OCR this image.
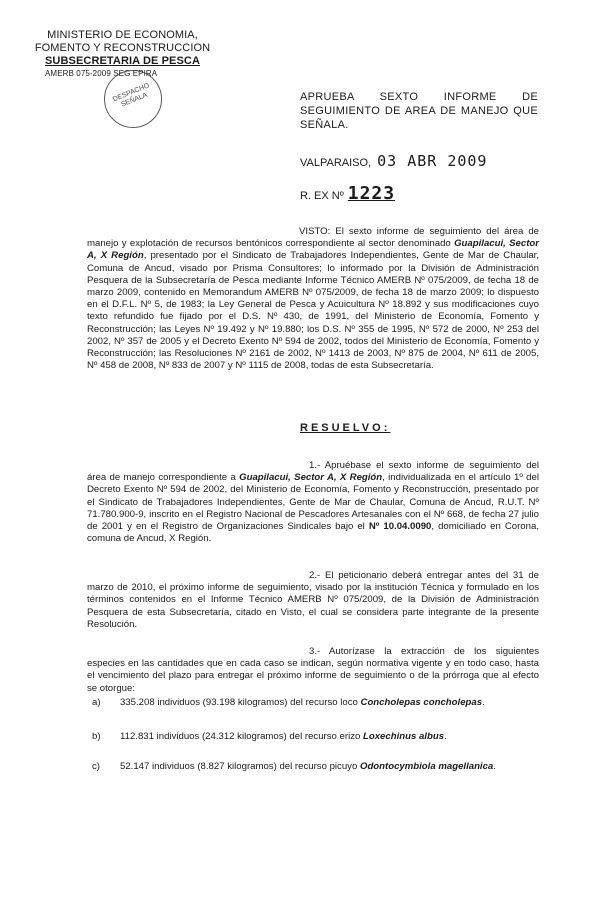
MINISTERIO DE ECONOMIA,
FOMENTO Y RECONSTRUCCION
SUBSECRETARIA DE PESCA
AMERB 075-2009 SEG EPIRA
DESPACHO SEÑALA	APRUEBA SEXTO INFORME DE SEGUIMIENTO DE AREA DE MANEJO QUE SEÑALA.
VALPARAISO, 03 ABR 2009
R. EX Nº 1223
VISTO: El sexto informe de seguimiento del área de manejo y explotación de recursos bentónicos correspondiente al sector denominado Guapilacui, Sector A, X Región, presentado por el Sindicato de Trabajadores Independientes, Gente de Mar de Chaular, Comuna de Ancud, visado por Prisma Consultores; lo informado por la División de Administración Pesquera de la Subsecretaría de Pesca mediante Informe Técnico AMERB Nº 075/2009, de fecha 18 de marzo 2009, contenido en Memorandum AMERB Nº 075/2009, de fecha 18 de marzo 2009; lo dispuesto en el D.F.L. Nº 5, de 1983; la Ley General de Pesca y Acuicultura Nº 18.892 y sus modificaciones cuyo texto refundido fue fijado por el D.S. Nº 430, de 1991, del Ministerio de Economía, Fomento y Reconstrucción; las Leyes Nº 19.492 y Nº 19.880; los D.S. Nº 355 de 1995, Nº 572 de 2000, Nº 253 del 2002, Nº 357 de 2005 y el Decreto Exento Nº 594 de 2002, todos del Ministerio de Economía, Fomento y Reconstrucción; las Resoluciones Nº 2161 de 2002, Nº 1413 de 2003, Nº 875 de 2004, Nº 611 de 2005, Nº 458 de 2008, Nº 833 de 2007 y Nº 1115 de 2008, todas de esta Subsecretaría.
RESUELVO:
1.- Apruébase el sexto informe de seguimiento del área de manejo correspondiente a Guapilacui, Sector A, X Región, individualizada en el artículo 1º del Decreto Exento Nº 594 de 2002, del Ministerio de Economía, Fomento y Reconstrucción, presentado por el Sindicato de Trabajadores Independientes, Gente de Mar de Chaular, Comuna de Ancud, R.U.T. Nº 71.780.900-9, inscrito en el Registro Nacional de Pescadores Artesanales con el Nº 668, de fecha 27 julio de 2001 y en el Registro de Organizaciones Sindicales bajo el Nº 10.04.0090, domiciliado en Corona, comuna de Ancud, X Región.
2.- El peticionario deberá entregar antes del 31 de marzo de 2010, el próximo informe de seguimiento, visado por la institución Técnica y formulado en los términos contenidos en el Informe Técnico AMERB Nº 075/2009, de la División de Administración Pesquera de esta Subsecretaría, citado en Visto, el cual se considera parte integrante de la presente Resolución.
3.- Autorízase la extracción de los siguientes especies en las cantidades que en cada caso se indican, según normativa vigente y en todo caso, hasta el vencimiento del plazo para entregar el próximo informe de seguimiento o de la prórroga que al efecto se otorgue:
a) 335.208 individuos (93.198 kilogramos) del recurso loco Concholepas concholepas.
b) 112.831 individuos (24.312 kilogramos) del recurso erizo Loxechinus albus.
c) 52.147 individuos (8.827 kilogramos) del recurso picuyo Odontocymbiola magellanica.
